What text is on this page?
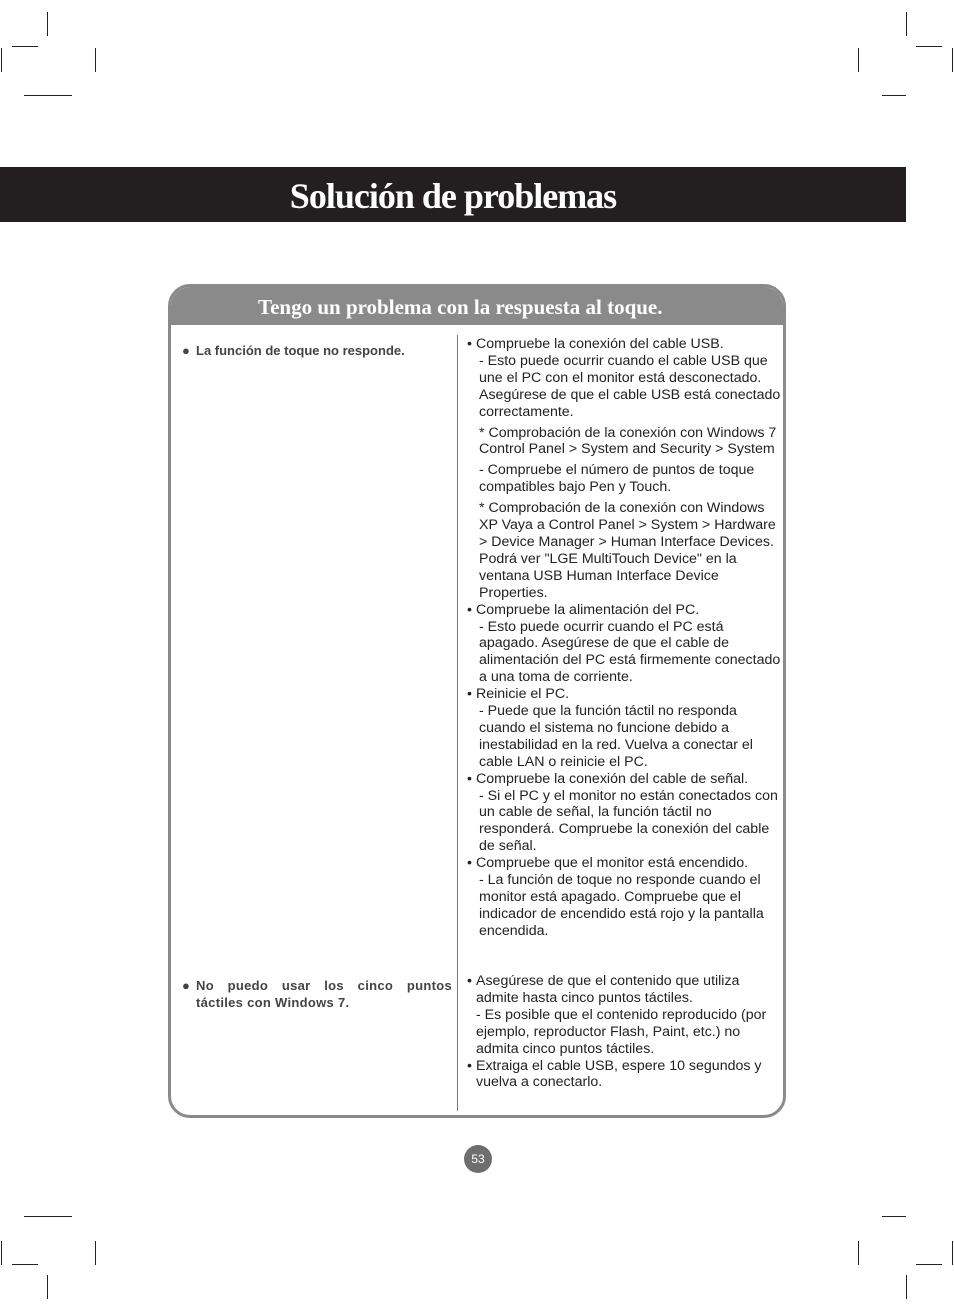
Solución de problemas
Tengo un problema con la respuesta al toque.
● La función de toque no responde.	• Compruebe la conexión del cable USB.
- Esto puede ocurrir cuando el cable USB que une el PC con el monitor está desconectado. Asegúrese de que el cable USB está conectado correctamente.
* Comprobación de la conexión con Windows 7 Control Panel > System and Security > System
- Compruebe el número de puntos de toque compatibles bajo Pen y Touch.
* Comprobación de la conexión con Windows XP Vaya a Control Panel > System > Hardware > Device Manager > Human Interface Devices. Podrá ver "LGE MultiTouch Device" en la ventana USB Human Interface Device Properties.
• Compruebe la alimentación del PC.
- Esto puede ocurrir cuando el PC está apagado. Asegúrese de que el cable de alimentación del PC está firmemente conectado a una toma de corriente.
• Reinicie el PC.
- Puede que la función táctil no responda cuando el sistema no funcione debido a inestabilidad en la red. Vuelva a conectar el cable LAN o reinicie el PC.
• Compruebe la conexión del cable de señal.
- Si el PC y el monitor no están conectados con un cable de señal, la función táctil no responderá. Compruebe la conexión del cable de señal.
• Compruebe que el monitor está encendido.
- La función de toque no responde cuando el monitor está apagado. Compruebe que el indicador de encendido está rojo y la pantalla encendida.
● No puedo usar los cinco puntos táctiles con Windows 7.
• Asegúrese de que el contenido que utiliza admite hasta cinco puntos táctiles.
- Es posible que el contenido reproducido (por ejemplo, reproductor Flash, Paint, etc.) no admita cinco puntos táctiles.
• Extraiga el cable USB, espere 10 segundos y vuelva a conectarlo.
53
